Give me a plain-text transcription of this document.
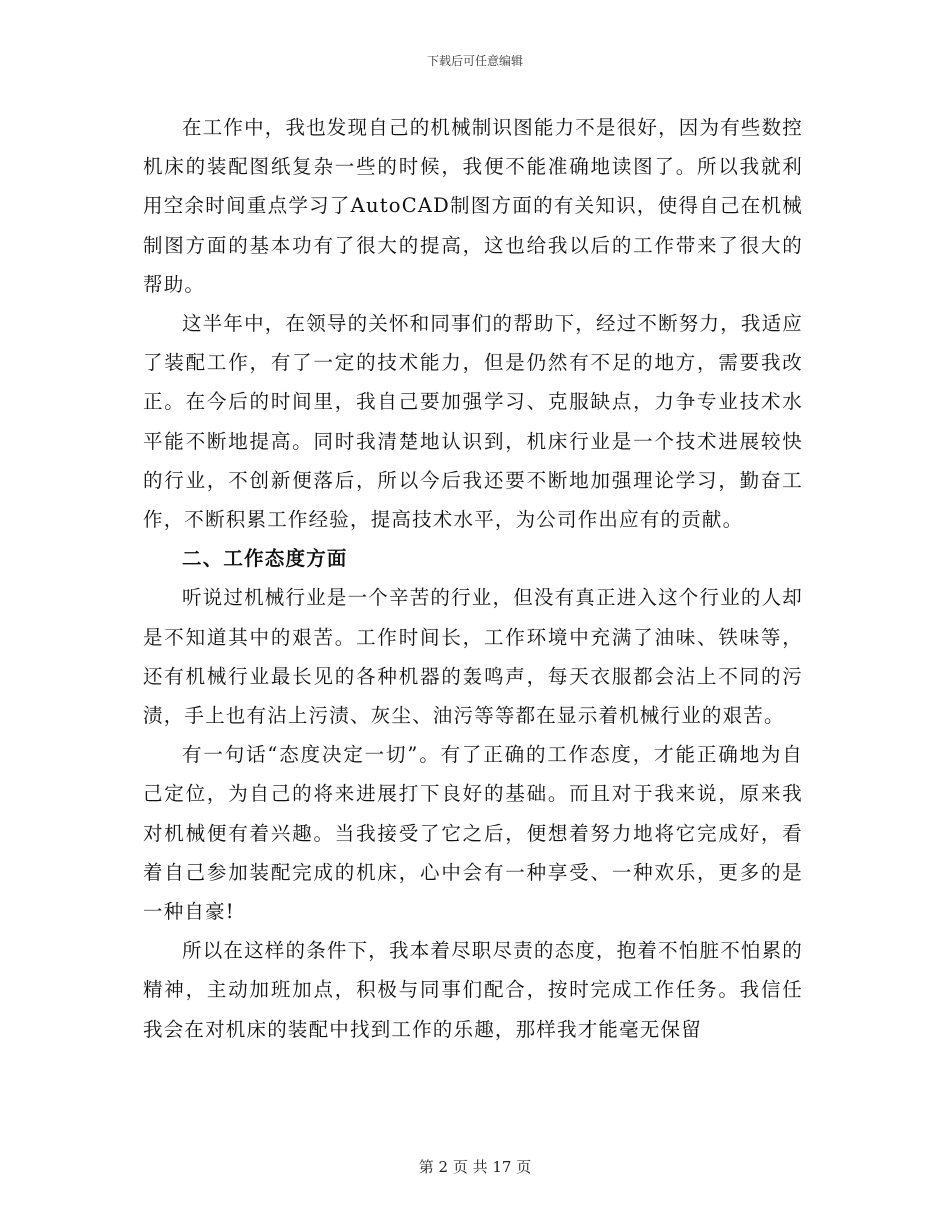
下载后可任意编辑

在工作中，我也发现自己的机械制识图能力不是很好，因为有些数控机床的装配图纸复杂一些的时候，我便不能准确地读图了。所以我就利用空余时间重点学习了AutoCAD制图方面的有关知识，使得自己在机械制图方面的基本功有了很大的提高，这也给我以后的工作带来了很大的帮助。

这半年中，在领导的关怀和同事们的帮助下，经过不断努力，我适应了装配工作，有了一定的技术能力，但是仍然有不足的地方，需要我改正。在今后的时间里，我自己要加强学习、克服缺点，力争专业技术水平能不断地提高。同时我清楚地认识到，机床行业是一个技术进展较快的行业，不创新便落后，所以今后我还要不断地加强理论学习，勤奋工作，不断积累工作经验，提高技术水平，为公司作出应有的贡献。

二、工作态度方面

听说过机械行业是一个辛苦的行业，但没有真正进入这个行业的人却是不知道其中的艰苦。工作时间长，工作环境中充满了油味、铁味等，还有机械行业最长见的各种机器的轰鸣声，每天衣服都会沾上不同的污渍，手上也有沾上污渍、灰尘、油污等等都在显示着机械行业的艰苦。

有一句话“态度决定一切”。有了正确的工作态度，才能正确地为自己定位，为自己的将来进展打下良好的基础。而且对于我来说，原来我对机械便有着兴趣。当我接受了它之后，便想着努力地将它完成好，看着自己参加装配完成的机床，心中会有一种享受、一种欢乐，更多的是一种自豪!

所以在这样的条件下，我本着尽职尽责的态度，抱着不怕脏不怕累的精神，主动加班加点，积极与同事们配合，按时完成工作任务。我信任我会在对机床的装配中找到工作的乐趣，那样我才能毫无保留

第 2 页 共 17 页
